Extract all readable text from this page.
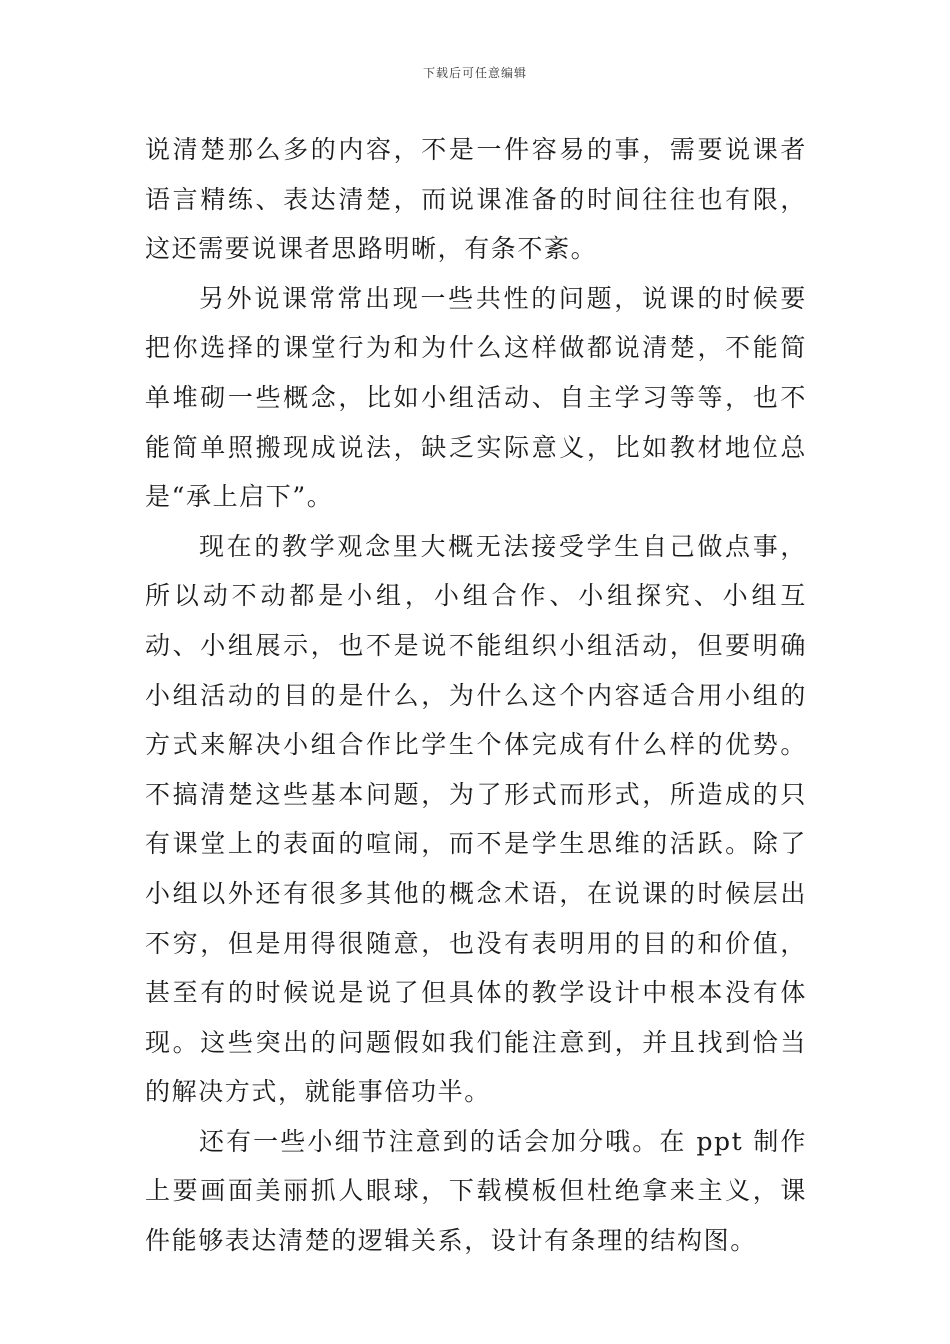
下载后可任意编辑

说清楚那么多的内容，不是一件容易的事，需要说课者语言精练、表达清楚，而说课准备的时间往往也有限，这还需要说课者思路明晰，有条不紊。

另外说课常常出现一些共性的问题，说课的时候要把你选择的课堂行为和为什么这样做都说清楚，不能简单堆砌一些概念，比如小组活动、自主学习等等，也不能简单照搬现成说法，缺乏实际意义，比如教材地位总是“承上启下”。

现在的教学观念里大概无法接受学生自己做点事，所以动不动都是小组，小组合作、小组探究、小组互动、小组展示，也不是说不能组织小组活动，但要明确小组活动的目的是什么，为什么这个内容适合用小组的方式来解决小组合作比学生个体完成有什么样的优势。不搞清楚这些基本问题，为了形式而形式，所造成的只有课堂上的表面的喧闹，而不是学生思维的活跃。除了小组以外还有很多其他的概念术语，在说课的时候层出不穷，但是用得很随意，也没有表明用的目的和价值，甚至有的时候说是说了但具体的教学设计中根本没有体现。这些突出的问题假如我们能注意到，并且找到恰当的解决方式，就能事倍功半。

还有一些小细节注意到的话会加分哦。在 ppt 制作上要画面美丽抓人眼球，下载模板但杜绝拿来主义，课件能够表达清楚的逻辑关系，设计有条理的结构图。
